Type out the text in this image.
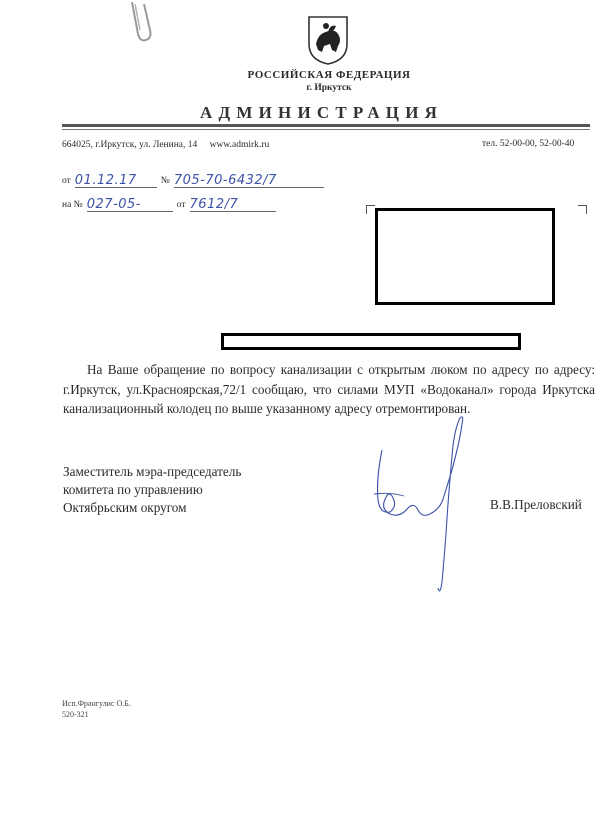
РОССИЙСКАЯ ФЕДЕРАЦИЯ
г. Иркутск
АДМИНИСТРАЦИЯ
664025, г.Иркутск, ул. Ленина, 14 www.admirk.ru	тел. 52-00-00, 52-00-40
от 01.12.17	№ 705-70-6432/7
на № 027-05-	от 7612/7
На Ваше обращение по вопросу канализации с открытым люком по адресу по адресу: г.Иркутск, ул.Красноярская,72/1 сообщаю, что силами МУП «Водоканал» города Иркутска канализационный колодец по выше указанному адресу отремонтирован.
Заместитель мэра-председатель
комитета по управлению
Октябрьским округом	В.В.Преловский
Исп.Франгулис О.Б.
520-321
